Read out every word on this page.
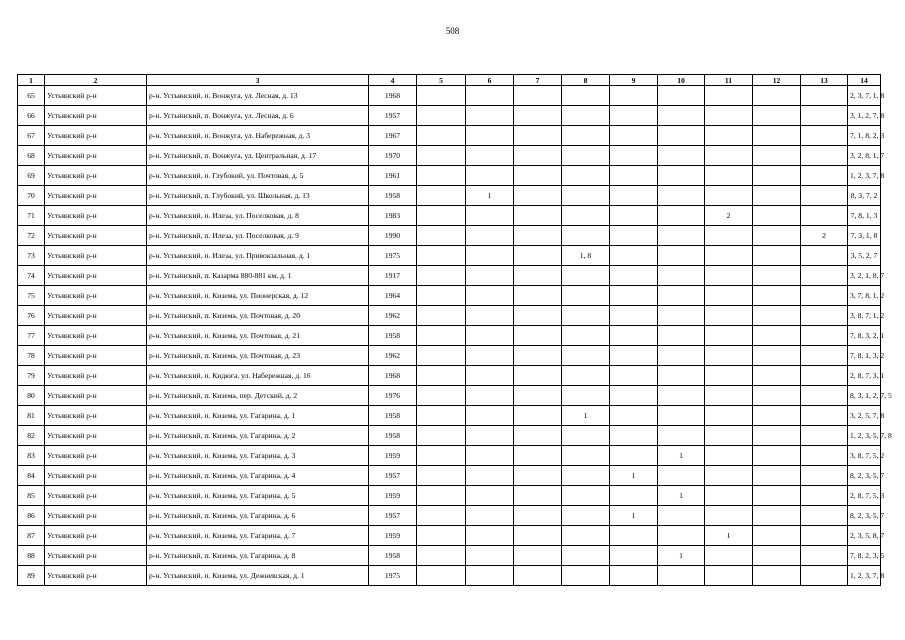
508
1	2	3	4	5	6	7	8	9	10	11	12	13	14
65	Устьянский р-н	р-н. Устьянский, п. Вонжуга, ул. Лесная, д. 13	1968										2, 3, 7, 1, 8
66	Устьянский р-н	р-н. Устьянский, п. Вонжуга, ул. Лесная, д. 6	1957										3, 1, 2, 7, 8
67	Устьянский р-н	р-н. Устьянский, п. Вонжуга, ул. Набережная, д. 3	1967										7, 1, 8, 2, 3
68	Устьянский р-н	р-н. Устьянский, п. Вонжуга, ул. Центральная, д. 17	1970										3, 2, 8, 1, 7
69	Устьянский р-н	р-н. Устьянский, п. Глубокий, ул. Почтовая, д. 5	1961										1, 2, 3, 7, 8
70	Устьянский р-н	р-н. Устьянский, п. Глубокий, ул. Школьная, д. 13	1958		1								8, 3, 7, 2
71	Устьянский р-н	р-н. Устьянский, п. Илеза, ул. Поселковая, д. 8	1983							2			7, 8, 1, 3
72	Устьянский р-н	р-н. Устьянский, п. Илеза, ул. Поселковая, д. 9	1990									2	7, 3, 1, 8
73	Устьянский р-н	р-н. Устьянский, п. Илеза, ул. Привокзальная, д. 1	1975				1, 8						3, 5, 2, 7
74	Устьянский р-н	р-н. Устьянский, п. Казарма 880-881 км, д. 1	1917										3, 2, 1, 8, 7
75	Устьянский р-н	р-н. Устьянский, п. Кизема, ул. Пионерская, д. 12	1964										3, 7, 8, 1, 2
76	Устьянский р-н	р-н. Устьянский, п. Кизема, ул. Почтовая, д. 20	1962										3, 8, 7, 1, 2
77	Устьянский р-н	р-н. Устьянский, п. Кизема, ул. Почтовая, д. 21	1958										7, 8, 3, 2, 1
78	Устьянский р-н	р-н. Устьянский, п. Кизема, ул. Почтовая, д. 23	1962										7, 8, 1, 3, 2
79	Устьянский р-н	р-н. Устьянский, п. Кидюга, ул. Набережная, д. 16	1968										2, 8, 7, 3, 1
80	Устьянский р-н	р-н. Устьянский, п. Кизема, пер. Детский, д. 2	1976										8, 3, 1, 2, 7, 5
81	Устьянский р-н	р-н. Устьянский, п. Кизема, ул. Гагарина, д. 1	1958				1						3, 2, 5, 7, 8
82	Устьянский р-н	р-н. Устьянский, п. Кизема, ул. Гагарина, д. 2	1958										1, 2, 3, 5, 7, 8
83	Устьянский р-н	р-н. Устьянский, п. Кизема, ул. Гагарина, д. 3	1959						1				3, 8, 7, 5, 2
84	Устьянский р-н	р-н. Устьянский, п. Кизема, ул. Гагарина, д. 4	1957					1					8, 2, 3, 5, 7
85	Устьянский р-н	р-н. Устьянский, п. Кизема, ул. Гагарина, д. 5	1959						1				2, 8, 7, 5, 3
86	Устьянский р-н	р-н. Устьянский, п. Кизема, ул. Гагарина, д. 6	1957					1					8, 2, 3, 5, 7
87	Устьянский р-н	р-н. Устьянский, п. Кизема, ул. Гагарина, д. 7	1959							1			2, 3, 5, 8, 7
88	Устьянский р-н	р-н. Устьянский, п. Кизема, ул. Гагарина, д. 8	1958						1				7, 8, 2, 3, 5
89	Устьянский р-н	р-н. Устьянский, п. Кизема, ул. Дежневская, д. 1	1975										1, 2, 3, 7, 8
